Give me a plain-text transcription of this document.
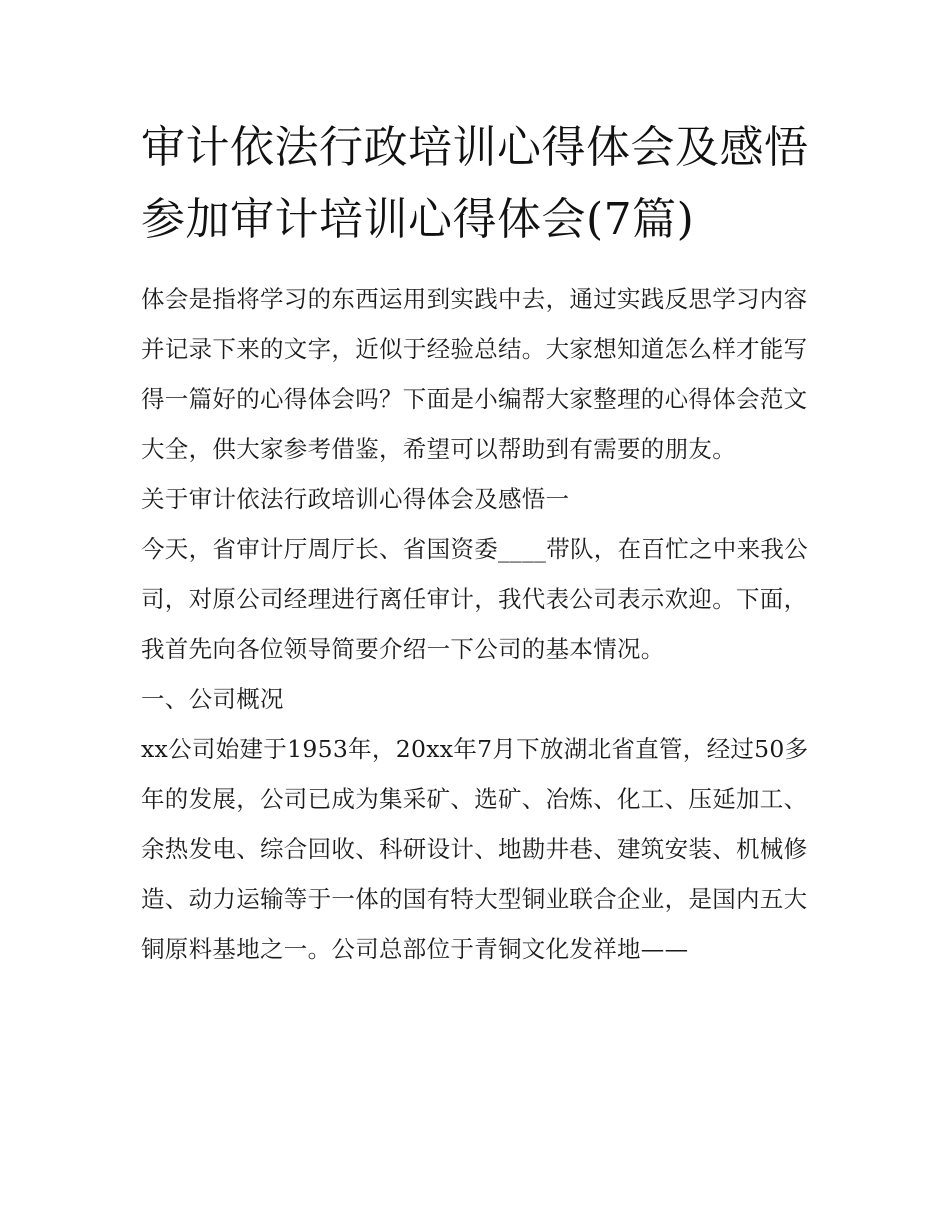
审计依法行政培训心得体会及感悟 参加审计培训心得体会(7篇)

体会是指将学习的东西运用到实践中去，通过实践反思学习内容并记录下来的文字，近似于经验总结。大家想知道怎么样才能写得一篇好的心得体会吗？下面是小编帮大家整理的心得体会范文大全，供大家参考借鉴，希望可以帮助到有需要的朋友。

关于审计依法行政培训心得体会及感悟一

今天，省审计厅周厅长、省国资委____带队，在百忙之中来我公司，对原公司经理进行离任审计，我代表公司表示欢迎。下面，我首先向各位领导简要介绍一下公司的基本情况。

一、公司概况

xx公司始建于1953年，20xx年7月下放湖北省直管，经过50多年的发展，公司已成为集采矿、选矿、冶炼、化工、压延加工、余热发电、综合回收、科研设计、地勘井巷、建筑安装、机械修造、动力运输等于一体的国有特大型铜业联合企业，是国内五大铜原料基地之一。公司总部位于青铜文化发祥地——
